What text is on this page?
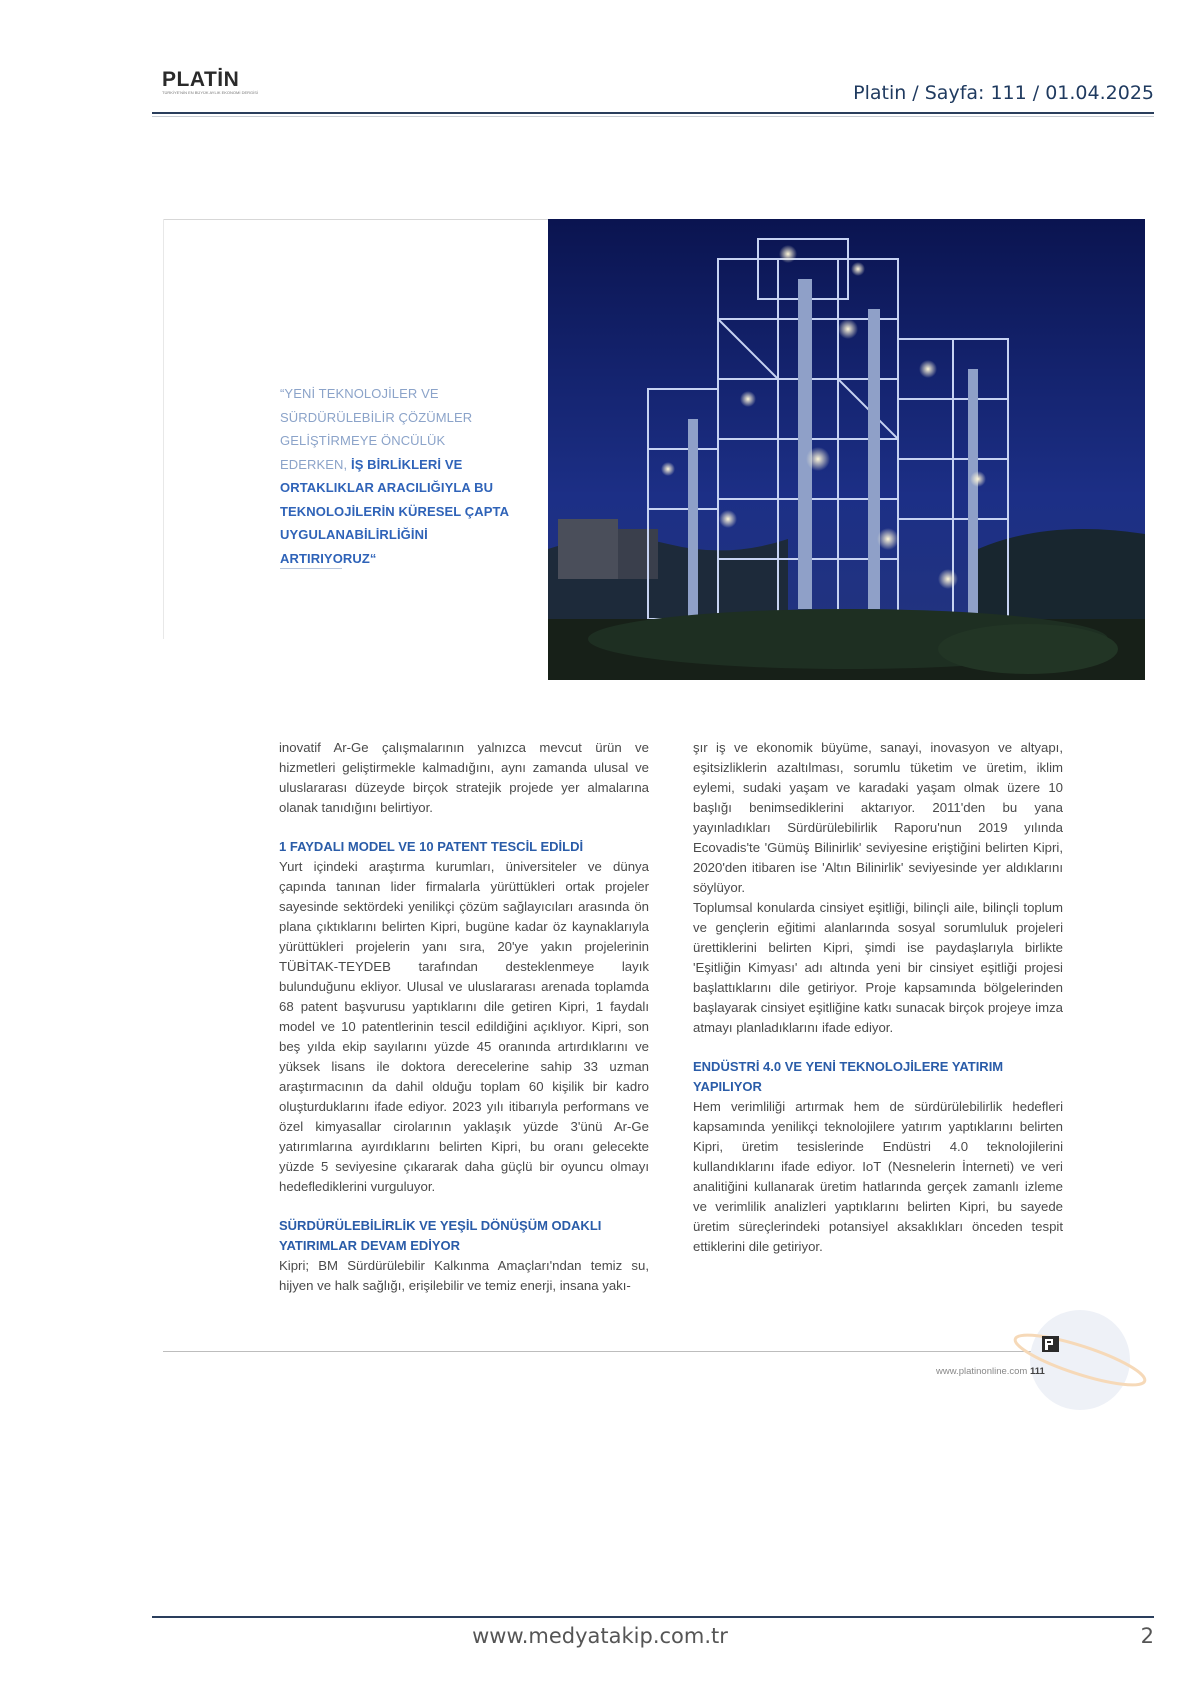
PLATİN
TÜRKİYE'NİN EN BÜYÜK AYLIK EKONOMİ DERGİSİ	Platin / Sayfa: 111 / 01.04.2025
“YENİ TEKNOLOJİLER VE SÜRDÜRÜLEBİLİR ÇÖZÜMLER GELİŞTİRMEYE ÖNCÜLÜK EDERKEN, İŞ BİRLİKLERİ VE ORTAKLIKLAR ARACILIĞIYLA BU TEKNOLOJİLERİN KÜRESEL ÇAPTA UYGULANABİLİRLİĞİNİ ARTIRIYORUZ“

inovatif Ar-Ge çalışmalarının yalnızca mevcut ürün ve hizmetleri geliştirmekle kalmadığını, aynı zamanda ulusal ve uluslararası düzeyde birçok stratejik projede yer almalarına olanak tanıdığını belirtiyor.

1 FAYDALI MODEL VE 10 PATENT TESCİL EDİLDİ

Yurt içindeki araştırma kurumları, üniversiteler ve dünya çapında tanınan lider firmalarla yürüttükleri ortak projeler sayesinde sektördeki yenilikçi çözüm sağlayıcıları arasında ön plana çıktıklarını belirten Kipri, bugüne kadar öz kaynaklarıyla yürüttükleri projelerin yanı sıra, 20'ye yakın projelerinin TÜBİTAK-TEYDEB tarafından desteklenmeye layık bulunduğunu ekliyor. Ulusal ve uluslararası arenada toplamda 68 patent başvurusu yaptıklarını dile getiren Kipri, 1 faydalı model ve 10 patentlerinin tescil edildiğini açıklıyor. Kipri, son beş yılda ekip sayılarını yüzde 45 oranında artırdıklarını ve yüksek lisans ile doktora derecelerine sahip 33 uzman araştırmacının da dahil olduğu toplam 60 kişilik bir kadro oluşturduklarını ifade ediyor. 2023 yılı itibarıyla performans ve özel kimyasallar cirolarının yaklaşık yüzde 3'ünü Ar-Ge yatırımlarına ayırdıklarını belirten Kipri, bu oranı gelecekte yüzde 5 seviyesine çıkararak daha güçlü bir oyuncu olmayı hedeflediklerini vurguluyor.

SÜRDÜRÜLEBİLİRLİK VE YEŞİL DÖNÜŞÜM ODAKLI YATIRIMLAR DEVAM EDİYOR

Kipri; BM Sürdürülebilir Kalkınma Amaçları'ndan temiz su, hijyen ve halk sağlığı, erişilebilir ve temiz enerji, insana yakı-

şır iş ve ekonomik büyüme, sanayi, inovasyon ve altyapı, eşitsizliklerin azaltılması, sorumlu tüketim ve üretim, iklim eylemi, sudaki yaşam ve karadaki yaşam olmak üzere 10 başlığı benimsediklerini aktarıyor. 2011'den bu yana yayınladıkları Sürdürülebilirlik Raporu'nun 2019 yılında Ecovadis'te 'Gümüş Bilinirlik' seviyesine eriştiğini belirten Kipri, 2020'den itibaren ise 'Altın Bilinirlik' seviyesinde yer aldıklarını söylüyor.

Toplumsal konularda cinsiyet eşitliği, bilinçli aile, bilinçli toplum ve gençlerin eğitimi alanlarında sosyal sorumluluk projeleri ürettiklerini belirten Kipri, şimdi ise paydaşlarıyla birlikte 'Eşitliğin Kimyası' adı altında yeni bir cinsiyet eşitliği projesi başlattıklarını dile getiriyor. Proje kapsamında bölgelerinden başlayarak cinsiyet eşitliğine katkı sunacak birçok projeye imza atmayı planladıklarını ifade ediyor.

ENDÜSTRİ 4.0 VE YENİ TEKNOLOJİLERE YATIRIM YAPILIYOR

Hem verimliliği artırmak hem de sürdürülebilirlik hedefleri kapsamında yenilikçi teknolojilere yatırım yaptıklarını belirten Kipri, üretim tesislerinde Endüstri 4.0 teknolojilerini kullandıklarını ifade ediyor. IoT (Nesnelerin İnterneti) ve veri analitiğini kullanarak üretim hatlarında gerçek zamanlı izleme ve verimlilik analizleri yaptıklarını belirten Kipri, bu sayede üretim süreçlerindeki potansiyel aksaklıkları önceden tespit ettiklerini dile getiriyor.

www.platinonline.com 111
www.medyatakip.com.tr	2
